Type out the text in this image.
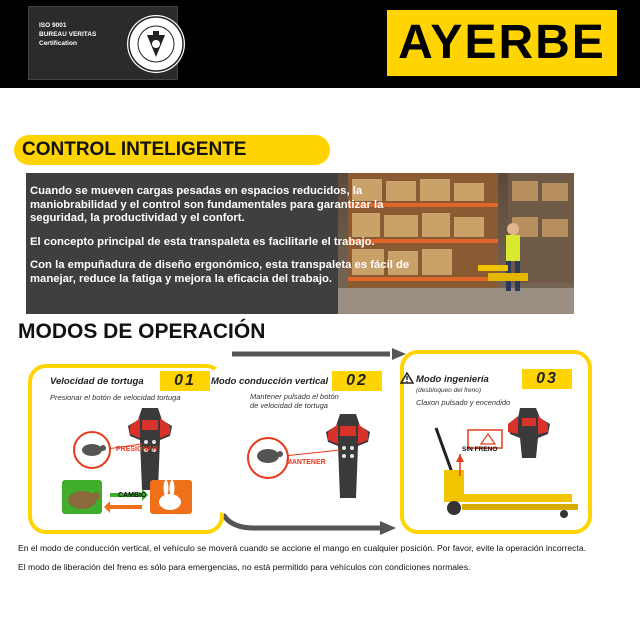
ISO 9001
BUREAU VERITAS
Certification	AYERBE
CONTROL INTELIGENTE

Cuando se mueven cargas pesadas en espacios reducidos, la maniobrabilidad y el control son fundamentales para garantizar la seguridad, la productividad y el confort.

El concepto principal de esta transpaleta es facilitarle el trabajo.

Con la empuñadura de diseño ergonómico, esta transpaleta es fácil de manejar, reduce la fatiga y mejora la eficacia del trabajo.

MODOS DE OPERACIÓN
Velocidad de tortuga	01
Presionar el botón de velocidad tortuga
PRESIONAR
CAMBIO
Modo conducción vertical	02
Mantener pulsado el botón
de velocidad de tortuga
MANTENER
Modo ingeniería
(desbloqueo del freno)
03
Claxon pulsado y encendido
SIN FRENO
En el modo de conducción vertical, el vehículo se moverá cuando se accione el mango en cualquier posición. Por favor, evite la operación incorrecta.
El modo de liberación del freno es sólo para emergencias, no está permitido para vehículos con condiciones normales.
